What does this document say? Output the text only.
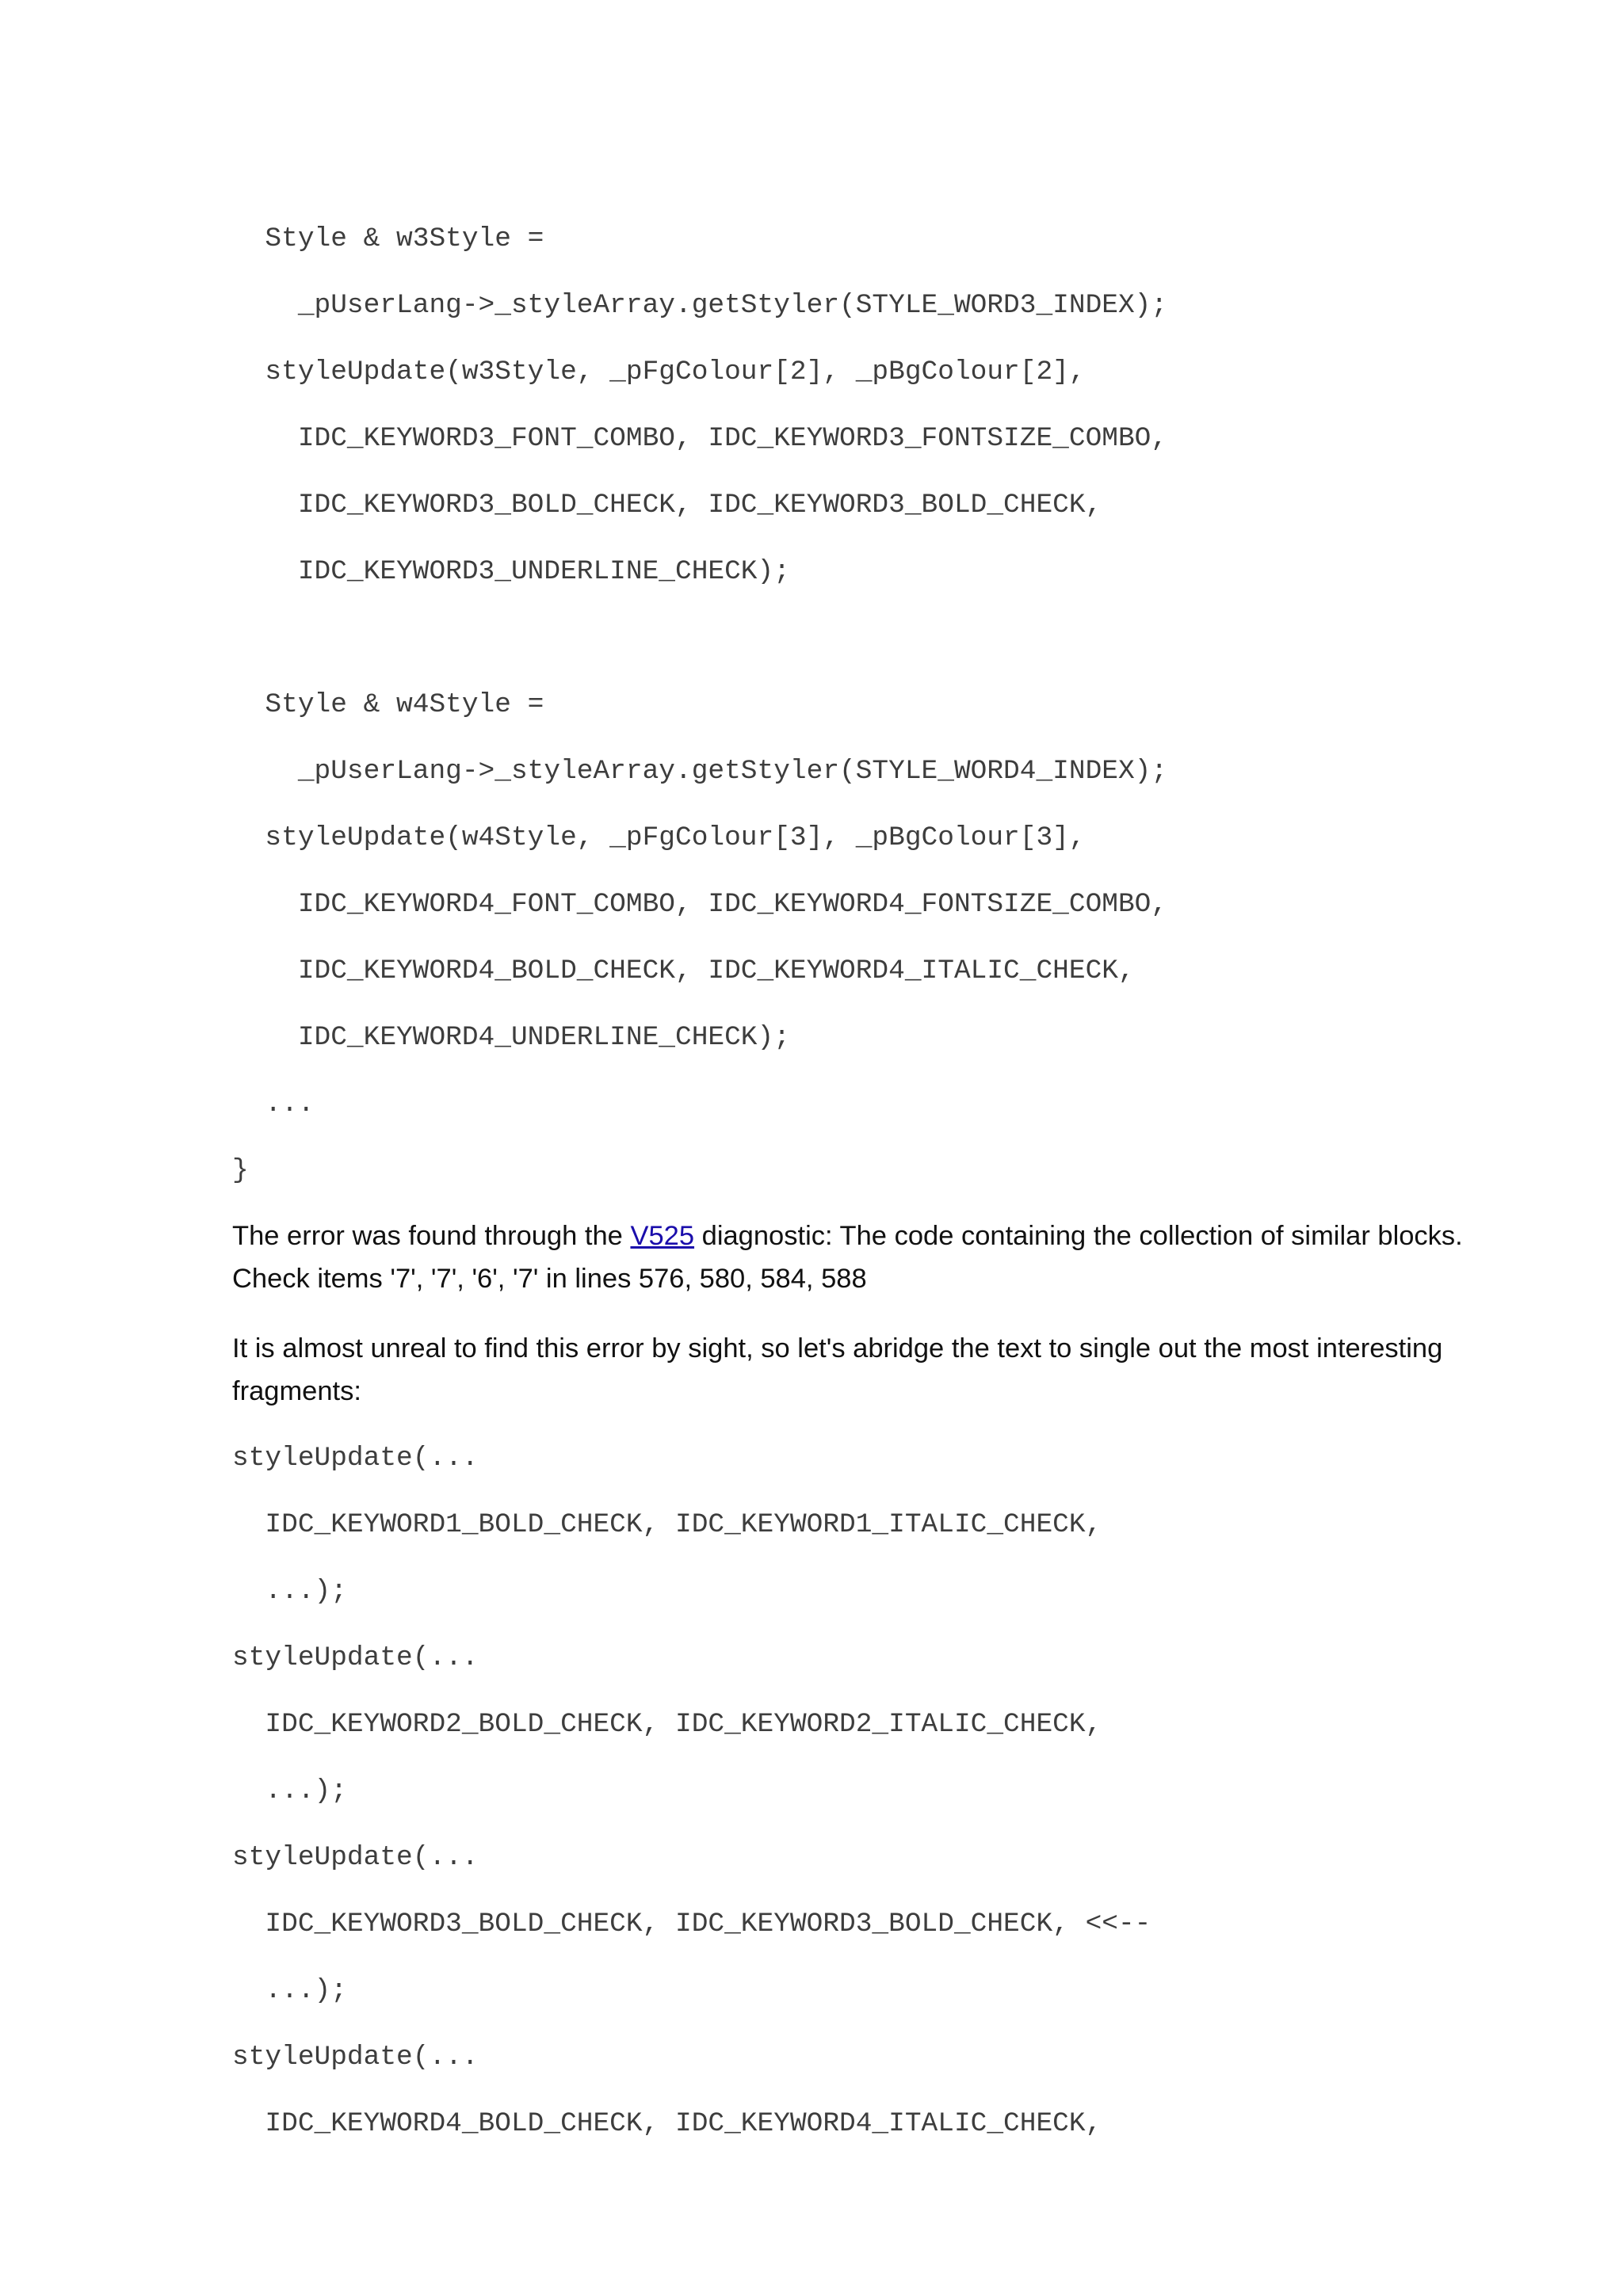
Style & w3Style =
_pUserLang->_styleArray.getStyler(STYLE_WORD3_INDEX);
styleUpdate(w3Style, _pFgColour[2], _pBgColour[2],
IDC_KEYWORD3_FONT_COMBO, IDC_KEYWORD3_FONTSIZE_COMBO,
IDC_KEYWORD3_BOLD_CHECK, IDC_KEYWORD3_BOLD_CHECK,
IDC_KEYWORD3_UNDERLINE_CHECK);
Style & w4Style =
_pUserLang->_styleArray.getStyler(STYLE_WORD4_INDEX);
styleUpdate(w4Style, _pFgColour[3], _pBgColour[3],
IDC_KEYWORD4_FONT_COMBO, IDC_KEYWORD4_FONTSIZE_COMBO,
IDC_KEYWORD4_BOLD_CHECK, IDC_KEYWORD4_ITALIC_CHECK,
IDC_KEYWORD4_UNDERLINE_CHECK);
...
}

The error was found through the V525 diagnostic: The code containing the collection of similar blocks. Check items '7', '7', '6', '7' in lines 576, 580, 584, 588

It is almost unreal to find this error by sight, so let's abridge the text to single out the most interesting fragments:

styleUpdate(...
IDC_KEYWORD1_BOLD_CHECK, IDC_KEYWORD1_ITALIC_CHECK,
...);
styleUpdate(...
IDC_KEYWORD2_BOLD_CHECK, IDC_KEYWORD2_ITALIC_CHECK,
...);
styleUpdate(...
IDC_KEYWORD3_BOLD_CHECK, IDC_KEYWORD3_BOLD_CHECK, <<--
...);
styleUpdate(...
IDC_KEYWORD4_BOLD_CHECK, IDC_KEYWORD4_ITALIC_CHECK,
